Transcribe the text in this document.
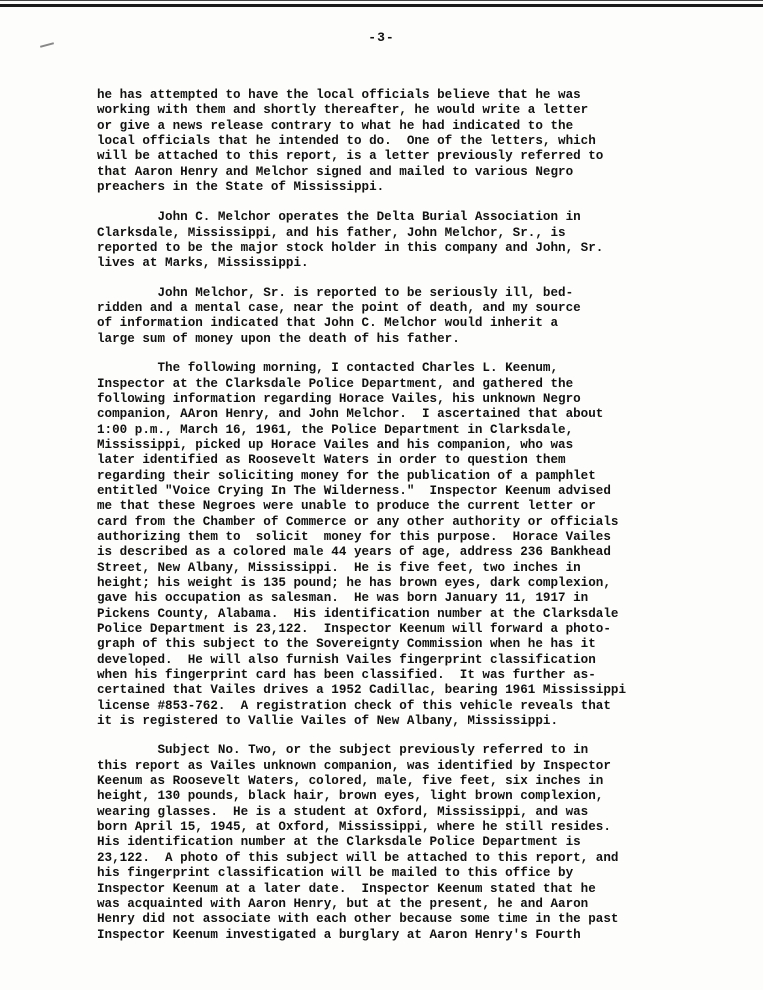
-3-
he has attempted to have the local officials believe that he was
working with them and shortly thereafter, he would write a letter
or give a news release contrary to what he had indicated to the
local officials that he intended to do.  One of the letters, which
will be attached to this report, is a letter previously referred to
that Aaron Henry and Melchor signed and mailed to various Negro
preachers in the State of Mississippi.
John C. Melchor operates the Delta Burial Association in
Clarksdale, Mississippi, and his father, John Melchor, Sr., is
reported to be the major stock holder in this company and John, Sr.
lives at Marks, Mississippi.
John Melchor, Sr. is reported to be seriously ill, bed-
ridden and a mental case, near the point of death, and my source
of information indicated that John C. Melchor would inherit a
large sum of money upon the death of his father.
The following morning, I contacted Charles L. Keenum,
Inspector at the Clarksdale Police Department, and gathered the
following information regarding Horace Vailes, his unknown Negro
companion, AAron Henry, and John Melchor.  I ascertained that about
1:00 p.m., March 16, 1961, the Police Department in Clarksdale,
Mississippi, picked up Horace Vailes and his companion, who was
later identified as Roosevelt Waters in order to question them
regarding their soliciting money for the publication of a pamphlet
entitled "Voice Crying In The Wilderness."  Inspector Keenum advised
me that these Negroes were unable to produce the current letter or
card from the Chamber of Commerce or any other authority or officials
authorizing them to  solicit  money for this purpose.  Horace Vailes
is described as a colored male 44 years of age, address 236 Bankhead
Street, New Albany, Mississippi.  He is five feet, two inches in
height; his weight is 135 pound; he has brown eyes, dark complexion,
gave his occupation as salesman.  He was born January 11, 1917 in
Pickens County, Alabama.  His identification number at the Clarksdale
Police Department is 23,122.  Inspector Keenum will forward a photo-
graph of this subject to the Sovereignty Commission when he has it
developed.  He will also furnish Vailes fingerprint classification
when his fingerprint card has been classified.  It was further as-
certained that Vailes drives a 1952 Cadillac, bearing 1961 Mississippi
license #853-762.  A registration check of this vehicle reveals that
it is registered to Vallie Vailes of New Albany, Mississippi.
Subject No. Two, or the subject previously referred to in
this report as Vailes unknown companion, was identified by Inspector
Keenum as Roosevelt Waters, colored, male, five feet, six inches in
height, 130 pounds, black hair, brown eyes, light brown complexion,
wearing glasses.  He is a student at Oxford, Mississippi, and was
born April 15, 1945, at Oxford, Mississippi, where he still resides.
His identification number at the Clarksdale Police Department is
23,122.  A photo of this subject will be attached to this report, and
his fingerprint classification will be mailed to this office by
Inspector Keenum at a later date.  Inspector Keenum stated that he
was acquainted with Aaron Henry, but at the present, he and Aaron
Henry did not associate with each other because some time in the past
Inspector Keenum investigated a burglary at Aaron Henry's Fourth
